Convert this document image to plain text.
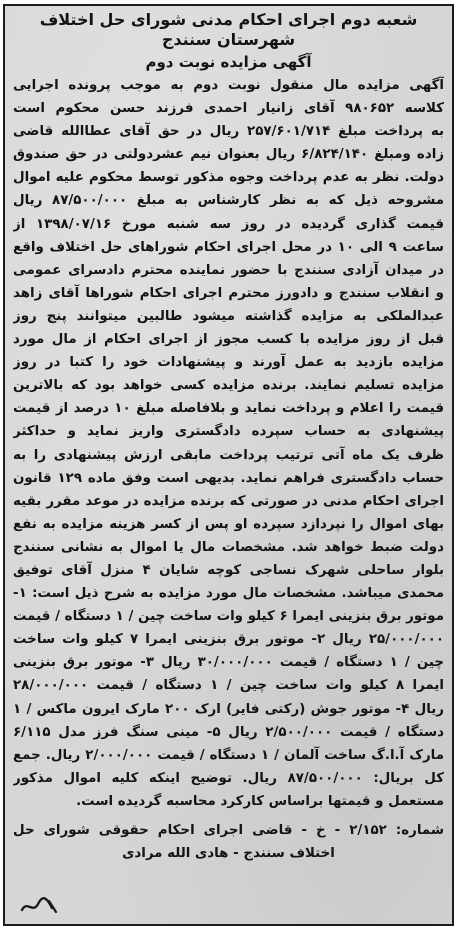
شعبه دوم اجرای احکام مدنی شورای حل اختلاف شهرستان سنندج
آگهی مزایده نوبت دوم
آگهی مزایده مال منقول نوبت دوم به موجب پرونده اجرایی
کلاسه ۹۸۰۶۵۲ آقای زانیار احمدی فرزند حسن محکوم است
به پرداخت مبلغ ۲۵۷/۶۰۱/۷۱۴ ریال در حق آقای عطاالله قاضی
زاده ومبلغ ۶/۸۲۴/۱۴۰ ریال بعنوان نیم عشردولتی در حق صندوق
دولت. نظر به عدم پرداخت وجوه مذکور توسط محکوم علیه اموال
مشروحه ذیل که به نظر کارشناس به مبلغ ۸۷/۵۰۰/۰۰۰ ریال
قیمت گذاری گردیده در روز سه شنبه مورخ ۱۳۹۸/۰۷/۱۶ از
ساعت ۹ الی ۱۰ در محل اجرای احکام شوراهای حل اختلاف واقع
در میدان آزادی سنندج با حضور نماینده محترم دادسرای عمومی
و انقلاب سنندج و دادورز محترم اجرای احکام شوراها آقای زاهد
عبدالملکی به مزایده گذاشته میشود طالبین میتوانند پنج روز
قبل از روز مزایده با کسب مجوز از اجرای احکام از مال مورد
مزایده بازدید به عمل آورند و پیشنهادات خود را کتبا در روز
مزایده تسلیم نمایند. برنده مزایده کسی خواهد بود که بالاترین
قیمت را اعلام و پرداخت نماید و بلافاصله مبلغ ۱۰ درصد از قیمت
پیشنهادی به حساب سپرده دادگستری واریز نماید و حداکثر
ظرف یک ماه آتی ترتیب پرداخت مابقی ارزش پیشنهادی را به
حساب دادگستری فراهم نماید. بدیهی است وفق ماده ۱۲۹ قانون
اجرای احکام مدنی در صورتی که برنده مزایده در موعد مقرر بقیه
بهای اموال را نپردازد سپرده او پس از کسر هزینه مزایده به نفع
دولت ضبط خواهد شد. مشخصات مال یا اموال به نشانی سنندج
بلوار ساحلی شهرک نساجی کوچه شایان ۴ منزل آقای توفیق
محمدی میباشد. مشخصات مال مورد مزایده به شرح ذیل است: ۱-
موتور برق بنزینی ایمرا ۶ کیلو وات ساخت چین / ۱ دستگاه / قیمت
۲۵/۰۰۰/۰۰۰ ریال ۲- موتور برق بنزینی ایمرا ۷ کیلو وات ساخت
چین / ۱ دستگاه / قیمت ۳۰/۰۰۰/۰۰۰ ریال ۳- موتور برق بنزینی
ایمرا ۸ کیلو وات ساخت چین / ۱ دستگاه / قیمت ۲۸/۰۰۰/۰۰۰
ریال ۴- موتور جوش (رکتی فایر) ارک ۲۰۰ مارک ایرون ماکس / ۱
دستگاه / قیمت ۲/۵۰۰/۰۰۰ ریال ۵- مینی سنگ فرز مدل ۶/۱۱۵
مارک آ.ا.گ ساخت آلمان / ۱ دستگاه / قیمت ۲/۰۰۰/۰۰۰ ریال. جمع
کل بریال: ۸۷/۵۰۰/۰۰۰ ریال. توضیح اینکه کلیه اموال مذکور
مستعمل و قیمتها براساس کارکرد محاسبه گردیده است.
شماره: ۲/۱۵۲ - خ - قاضی اجرای احکام حقوقی شورای حل
اختلاف سنندج - هادی الله مرادی
